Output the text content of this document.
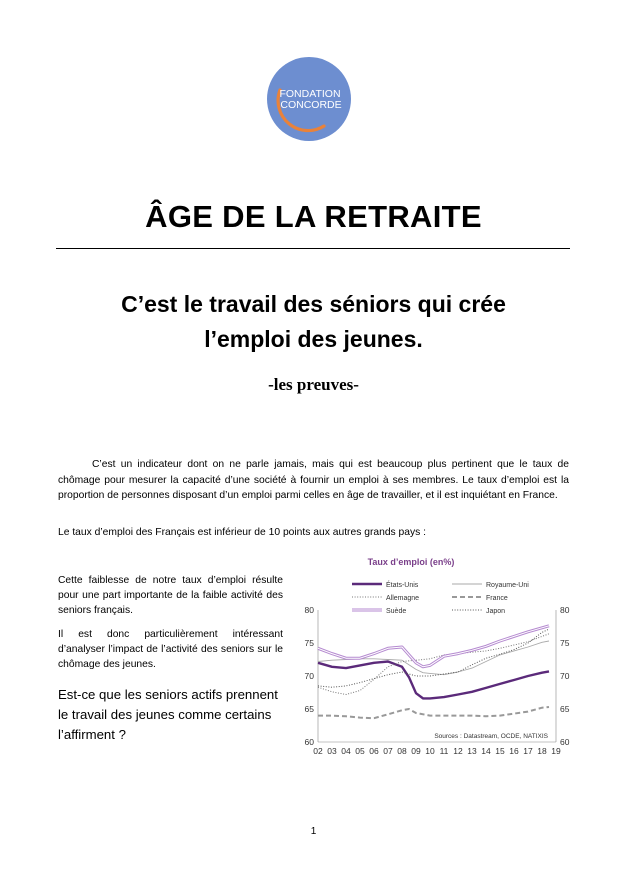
FONDATION
CONCORDE
ÂGE DE LA RETRAITE
C’est le travail des séniors qui crée
l’emploi des jeunes.
-les preuves-

C’est un indicateur dont on ne parle jamais, mais qui est beaucoup plus pertinent que le taux de chômage pour mesurer la capacité d’une société à fournir un emploi à ses membres. Le taux d’emploi est la proportion de personnes disposant d’un emploi parmi celles en âge de travailler, et il est inquiétant en France.

Le taux d’emploi des Français est inférieur de 10 points aux autres grands pays :

Cette faiblesse de notre taux d’emploi résulte pour une part importante de la faible activité des seniors français.

Il est donc particulièrement intéressant d’analyser l’impact de l’activité des seniors sur le chômage des jeunes.

Est-ce que les seniors actifs prennent le travail des jeunes comme certains l’affirment ?

Taux d’emploi (en%)
États-Unis	Royaume-Uni
Allemagne	France
Suède	Japon
60	60
65	65
70	70
75	75
80	80
02 03 04 05 06 07 08 09 10 11 12 13 14 15 16 17 18 19
Sources : Datastream, OCDE, NATIXIS
1
